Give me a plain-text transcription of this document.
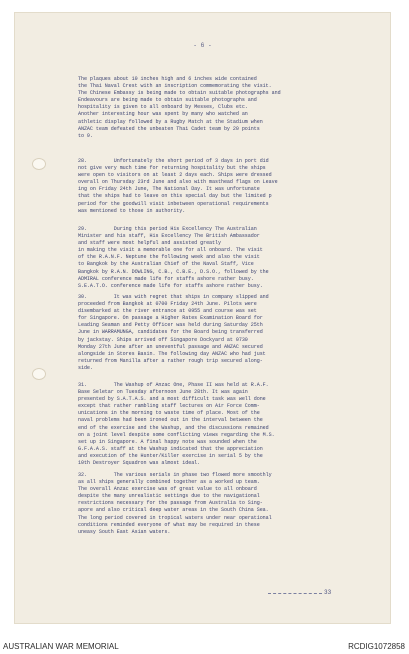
- 6 -
The plaques about 10 inches high and 6 inches wide contained
the Thai Naval Crest with an inscription commemorating the visit.
The Chinese Embassy is being made to obtain suitable photographs and
Endeavours are being made to obtain suitable photographs and
hospitality is given to all onboard by Messes, Clubs etc.
Another interesting hour was spent by many who watched an
athletic display followed by a Rugby Match at the Stadium when
ANZAC team defeated the unbeaten Thai Cadet team by 20 points
to 9.
28.         Unfortunately the short period of 3 days in port did
not give very much time for returning hospitality but the ships
were open to visitors on at least 2 days each. Ships were dressed
overall on Thursday 23rd June and also with masthead flags on Leave
ing on Friday 24th June, The National Day. It was unfortunate
that the ships had to leave on this special day but the limited p
period for the goodwill visit inbetween operational requirements
was mentioned to those in authority.
29.         During this period His Excellency The Australian
Minister and his staff, His Excellency The British Ambassador
and staff were most helpful and assisted greatly
in making the visit a memorable one for all onboard. The visit
of the R.A.N.F. Neptune the following week and also the visit
to Bangkok by the Australian Chief of the Naval Staff, Vice
Bangkok by R.A.N. DOWLING, C.B., C.B.E., D.S.O., followed by the
ADMIRAL conference made life for staffs ashore rather busy.
S.E.A.T.O. conference made life for staffs ashore rather busy.
30.         It was with regret that ships in company slipped and
proceeded from Bangkok at 0700 Friday 24th June. Pilots were
disembarked at the river entrance at 0955 and course was set
for Singapore. On passage a Higher Rates Examination Board for
Leading Seaman and Petty Officer was held during Saturday 25th
June in WARRAMUNGA, candidates for the Board being transferred
by jackstay. Ships arrived off Singapore Dockyard at 0730
Monday 27th June after an uneventful passage and ANZAC secured
alongside in Stores Basin. The following day ANZAC who had just
returned from Manilla after a rather rough trip secured along-
side.
31.         The Washup of Anzac One, Phase II was held at R.A.F.
Base Seletar on Tuesday afternoon June 28th. It was again
presented by S.A.T.A.S. and a most difficult task was well done
except that rather rambling staff lectures on Air Force Comm-
unications in the morning to waste time of place. Most of the
naval problems had been ironed out in the interval between the
end of the exercise and the Washup, and the discussions remained
on a joint level despite some conflicting views regarding the M.S.
set up in Singapore. A final happy note was sounded when the
G.F.A.A.S. staff at the Washup indicated that the appreciation
and execution of the Hunter/Killer exercise in serial 5 by the
10th Destroyer Squadron was almost ideal.
32.         The various serials in phase two flowed more smoothly
as all ships generally combined together as a worked up team.
The overall Anzac exercise was of great value to all onboard
despite the many unrealistic settings due to the navigational
restrictions necessary for the passage from Australia to Sing-
apore and also critical deep water areas in the South China Sea.
The long period covered in tropical waters under near operational
conditions reminded everyone of what may be required in these
uneasy South East Asian waters.
33
AUSTRALIAN WAR MEMORIAL	RCDIG1072858
